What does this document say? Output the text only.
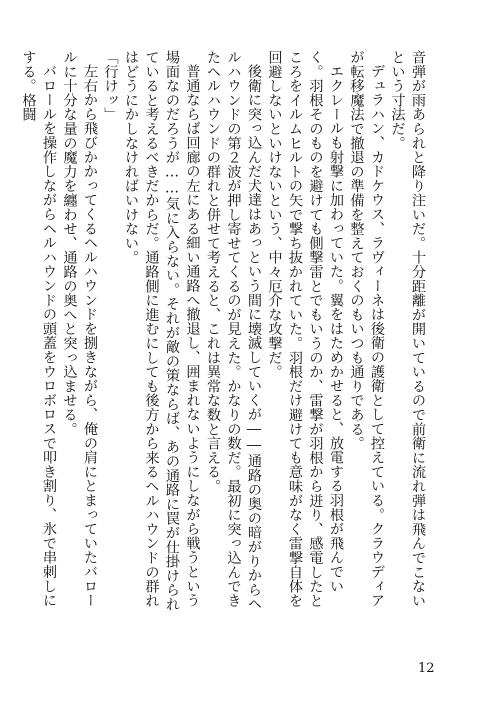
音弾が雨あられと降り注いだ。十分距離が開いているので前衛に流れ弾は飛んでこないという寸法だ。

デュラハン、カドケウス、ラヴィーネは後衛の護衛として控えている。クラウディアが転移魔法で撤退の準備を整えておくのもいつも通りである。

エクレールも射撃に加わっていた。翼をはためかせると、放電する羽根が飛んでいく。羽根そのものを避けても側撃雷とでもいうのか、雷撃が羽根から迸り、感電したところをイルムヒルトの矢で撃ち抜かれていた。羽根だけ避けても意味がなく雷撃自体を回避しないといけないという、中々厄介な攻撃だ。

後衛に突っ込んだ犬達はあっという間に壊滅していくが――通路の奥の暗がりからヘルハウンドの第２波が押し寄せてくるのが見えた。かなりの数だ。最初に突っ込んできたヘルハウンドの群れと併せて考えると、これは異常な数と言える。

普通ならば回廊の左にある細い通路へ撤退し、囲まれないようにしながら戦うという場面なのだろうが……気に入らない。それが敵の策ならば、あの通路に罠が仕掛けられていると考えるべきだからだ。通路側に進むにしても後方から来るヘルハウンドの群れはどうにかしなければいけない。

「行けッ」

左右から飛びかかってくるヘルハウンドを捌きながら、俺の肩にとまっていたバロールに十分な量の魔力を纏わせ、通路の奥へと突っ込ませる。

バロールを操作しながらヘルハウンドの頭蓋をウロボロスで叩き割り、氷で串刺しにする。格闘

12
